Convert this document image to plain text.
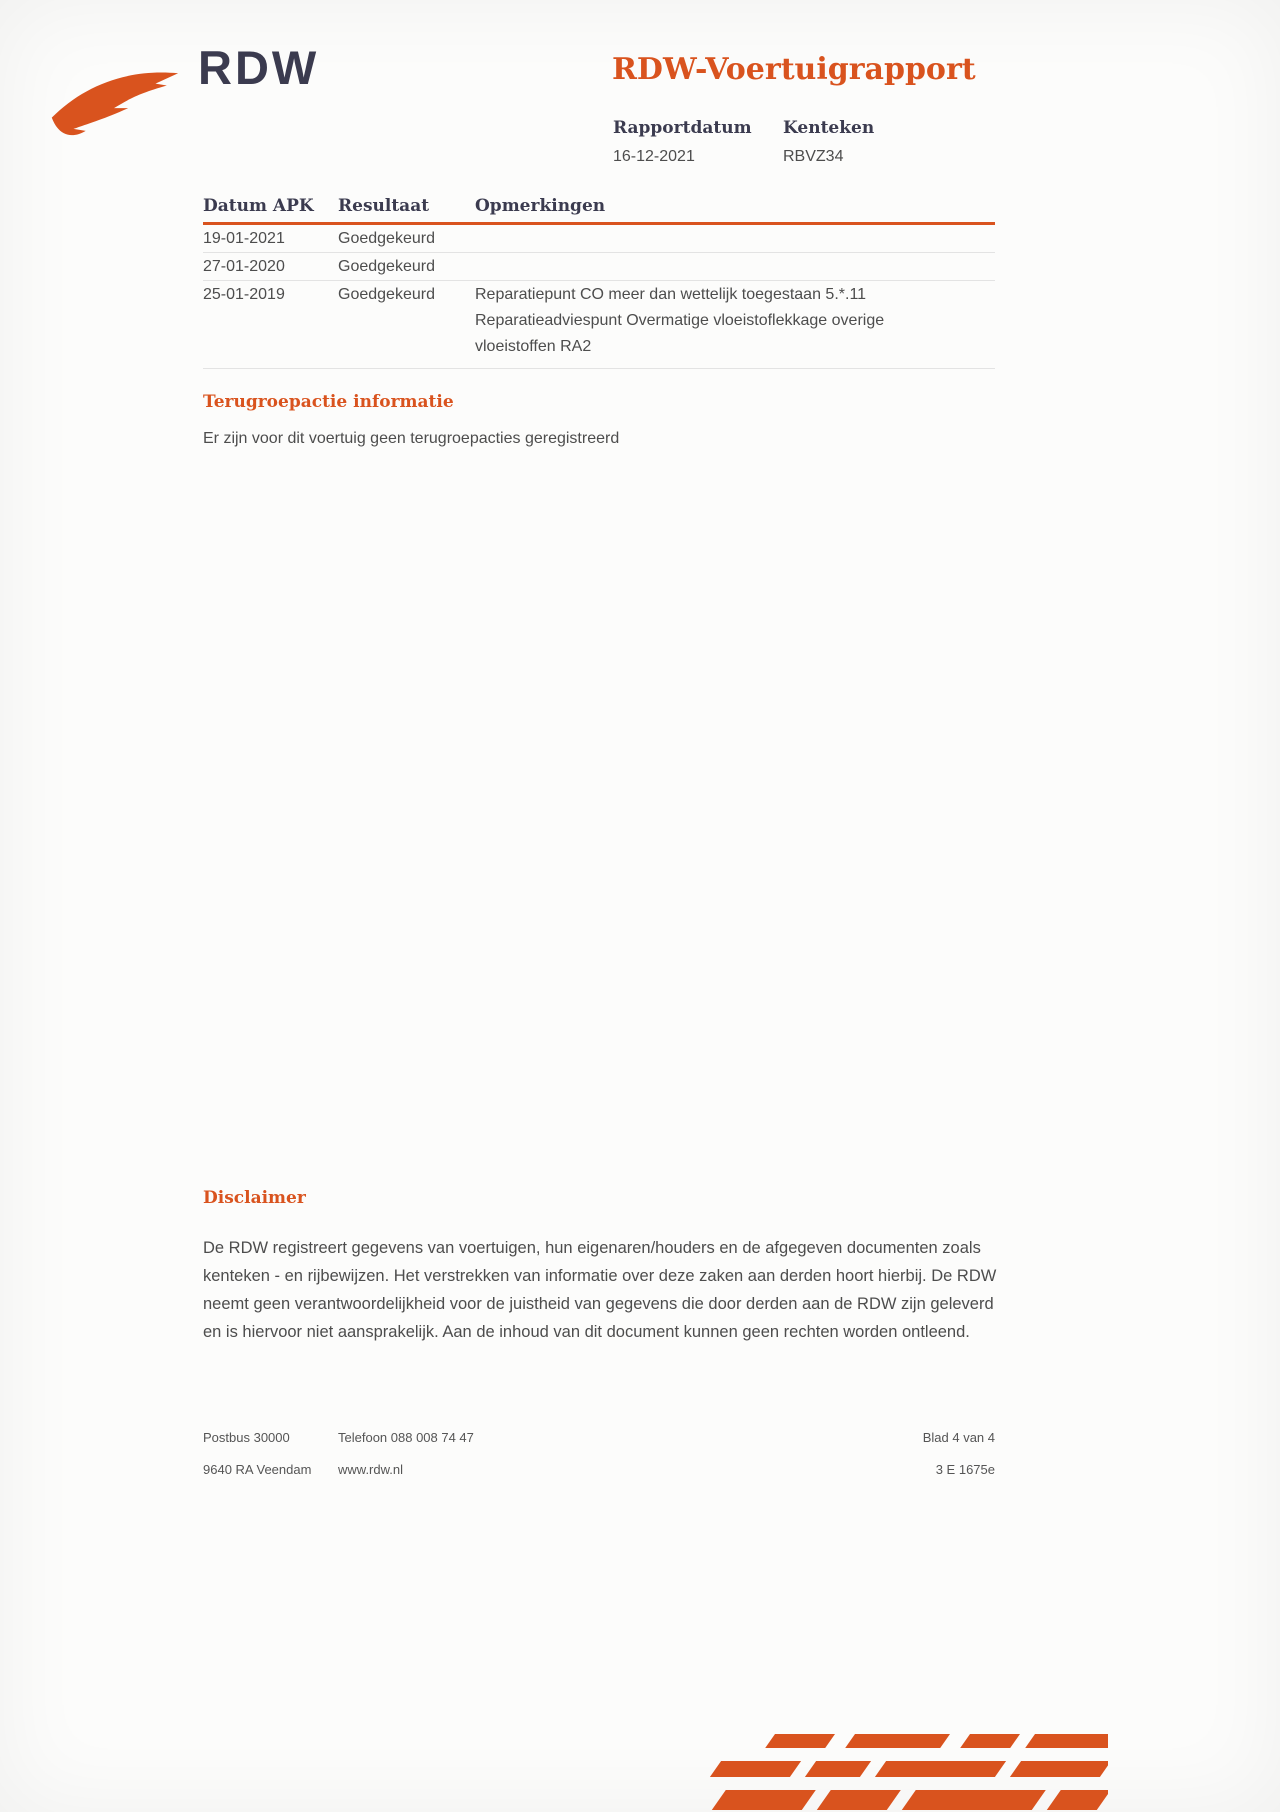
RDW	RDW-Voertuigrapport
Rapportdatum
16-12-2021
Kenteken
RBVZ34
Datum APK	Resultaat	Opmerkingen
19-01-2021	Goedgekeurd
27-01-2020	Goedgekeurd
25-01-2019	Goedgekeurd	Reparatiepunt CO meer dan wettelijk toegestaan 5.*.11
Reparatieadviespunt Overmatige vloeistoflekkage overige vloeistoffen RA2
Terugroepactie informatie

Er zijn voor dit voertuig geen terugroepacties geregistreerd

Disclaimer

De RDW registreert gegevens van voertuigen, hun eigenaren/houders en de afgegeven documenten zoals kenteken - en rijbewijzen. Het verstrekken van informatie over deze zaken aan derden hoort hierbij. De RDW neemt geen verantwoordelijkheid voor de juistheid van gegevens die door derden aan de RDW zijn geleverd en is hiervoor niet aansprakelijk. Aan de inhoud van dit document kunnen geen rechten worden ontleend.

Postbus 30000
9640 RA Veendam
Telefoon 088 008 74 47
www.rdw.nl
Blad 4 van 4
3 E 1675e
